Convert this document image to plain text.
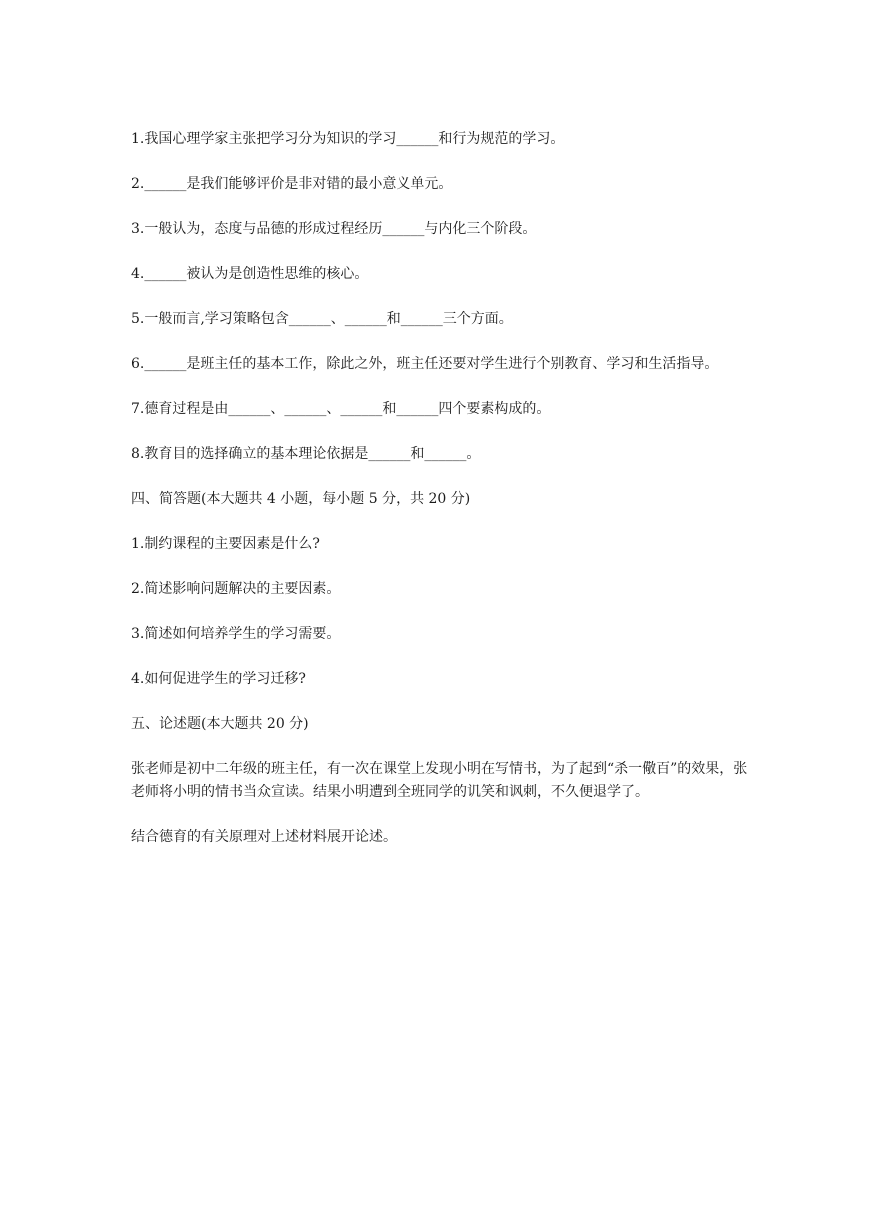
1.我国心理学家主张把学习分为知识的学习______和行为规范的学习。

2.______是我们能够评价是非对错的最小意义单元。

3.一般认为，态度与品德的形成过程经历______与内化三个阶段。

4.______被认为是创造性思维的核心。

5.一般而言,学习策略包含______、______和______三个方面。

6.______是班主任的基本工作，除此之外，班主任还要对学生进行个别教育、学习和生活指导。

7.德育过程是由______、______、______和______四个要素构成的。

8.教育目的选择确立的基本理论依据是______和______。

四、简答题(本大题共 4 小题，每小题 5 分，共 20 分)

1.制约课程的主要因素是什么?

2.简述影响问题解决的主要因素。

3.简述如何培养学生的学习需要。

4.如何促进学生的学习迁移?

五、论述题(本大题共 20 分)

张老师是初中二年级的班主任，有一次在课堂上发现小明在写情书，为了起到“杀一儆百”的效果，张老师将小明的情书当众宣读。结果小明遭到全班同学的讥笑和讽刺，不久便退学了。

结合德育的有关原理对上述材料展开论述。
